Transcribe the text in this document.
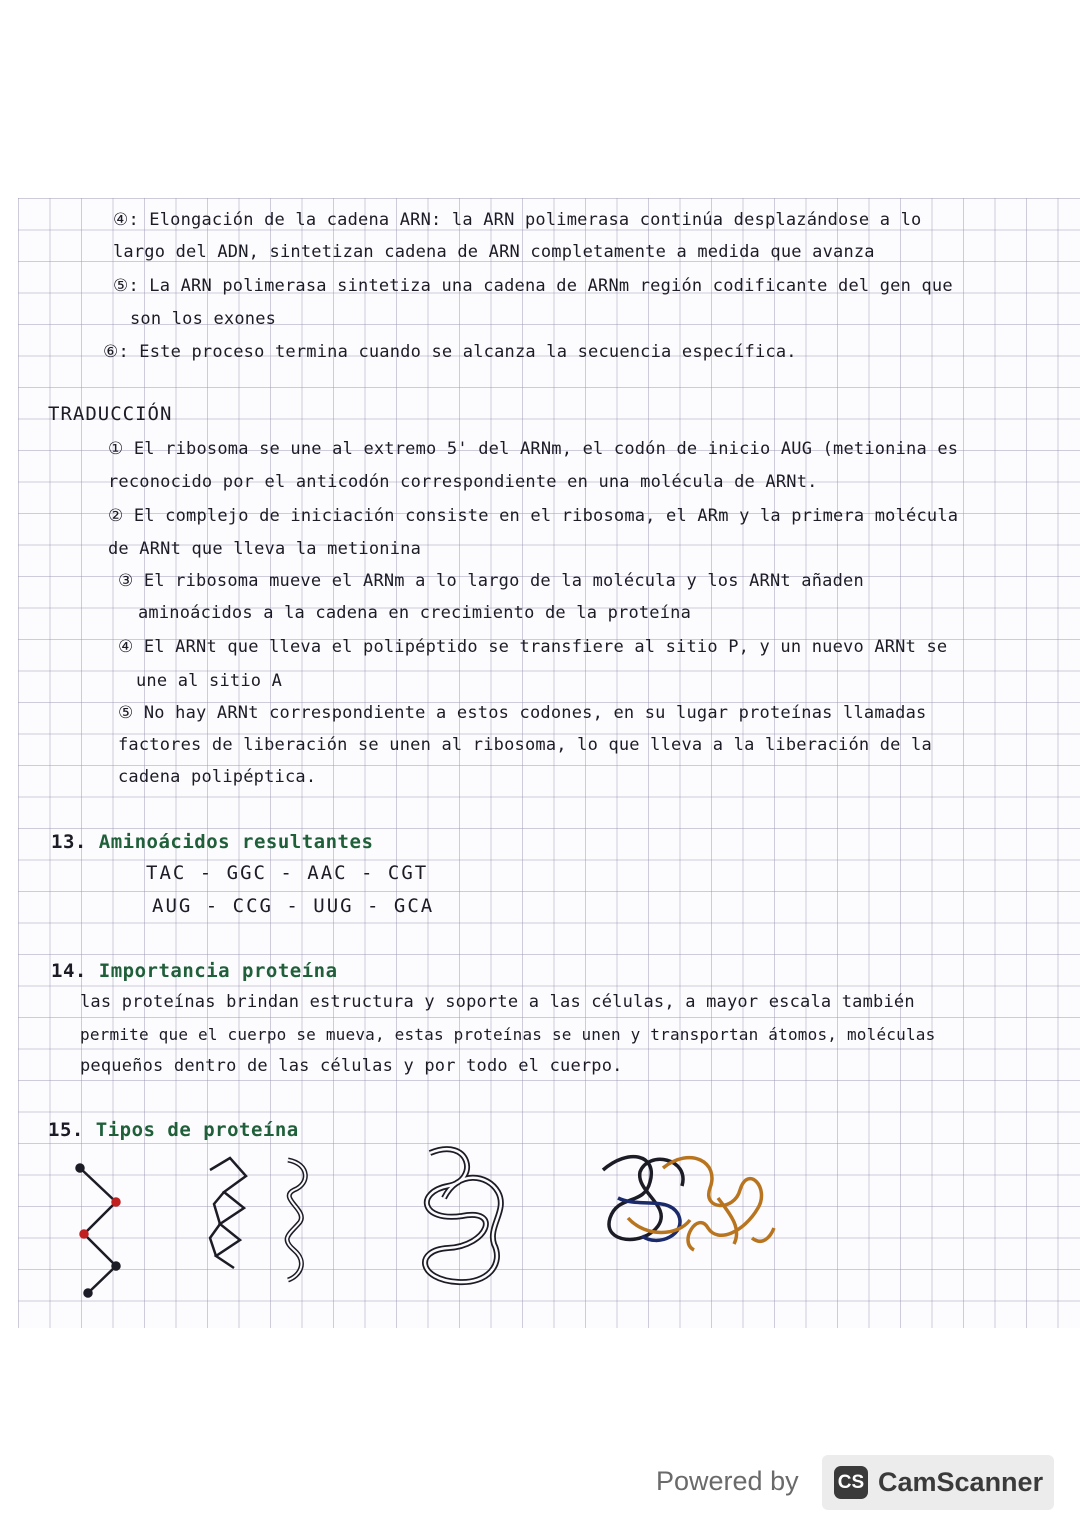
④: Elongación de la cadena ARN: la ARN polimerasa continúa desplazándose a lo
largo del ADN, sintetizan cadena de ARN completamente a medida que avanza
⑤: La ARN polimerasa sintetiza una cadena de ARNm región codificante del gen que
son los exones
⑥: Este proceso termina cuando se alcanza la secuencia específica.
TRADUCCIÓN
① El ribosoma se une al extremo 5' del ARNm, el codón de inicio AUG (metionina es
reconocido por el anticodón correspondiente en una molécula de ARNt.
② El complejo de iniciación consiste en el ribosoma, el ARm y la primera molécula
de ARNt que lleva la metionina
③ El ribosoma mueve el ARNm a lo largo de la molécula y los ARNt añaden
aminoácidos a la cadena en crecimiento de la proteína
④ El ARNt que lleva el polipéptido se transfiere al sitio P, y un nuevo ARNt se
une al sitio A
⑤ No hay ARNt correspondiente a estos codones, en su lugar proteínas llamadas
factores de liberación se unen al ribosoma, lo que lleva a la liberación de la
cadena polipéptica.
13. Aminoácidos resultantes
TAC - GGC - AAC - CGT
AUG - CCG - UUG - GCA
14. Importancia proteína
las proteínas brindan estructura y soporte a las células, a mayor escala también
permite que el cuerpo se mueva, estas proteínas se unen y transportan átomos, moléculas
pequeños dentro de las células y por todo el cuerpo.
15. Tipos de proteína
Powered by CS CamScanner
